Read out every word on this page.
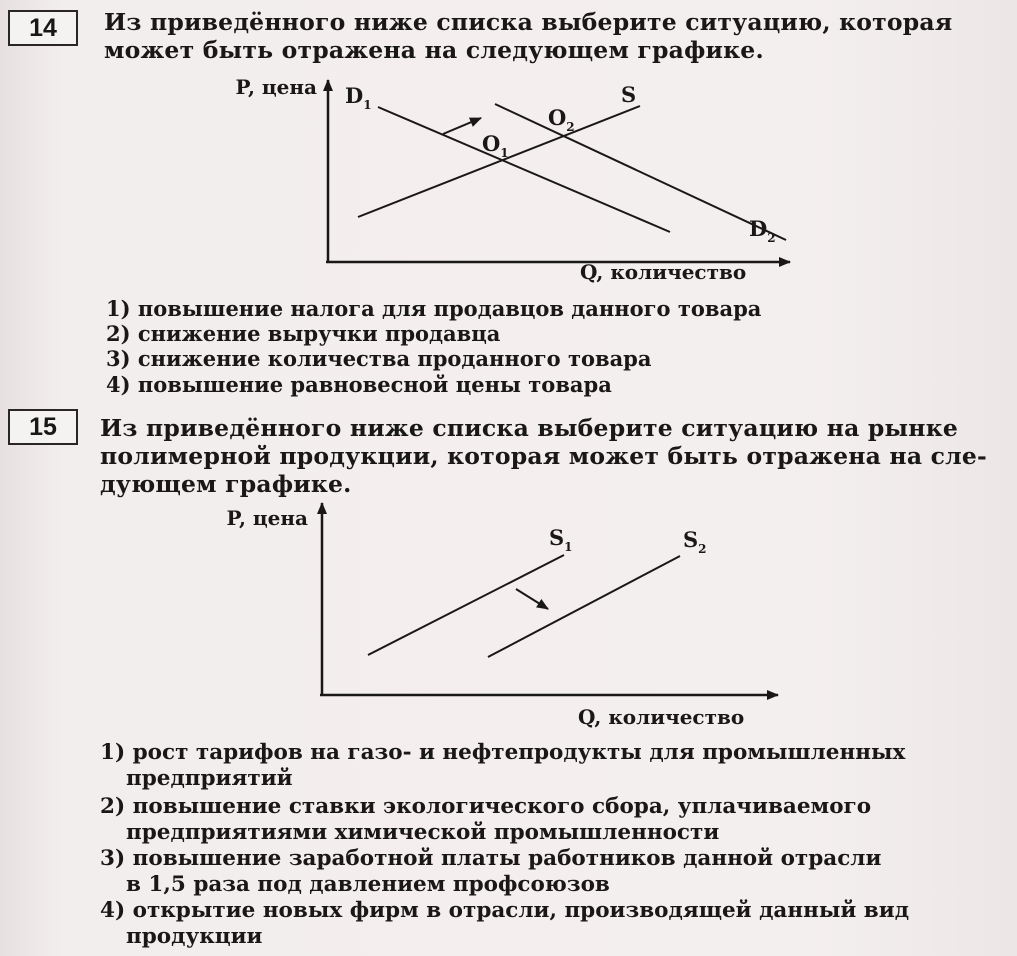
14	Из приведённого ниже списка выберите ситуацию, которая
может быть отражена на следующем графике.
P, цена
Q, количество
$D_1$
$D_2$
S
$O_1$
$O_2$
1) повышение налога для продавцов данного товара
2) снижение выручки продавца
3) снижение количества проданного товара
4) повышение равновесной цены товара
15	Из приведённого ниже списка выберите ситуацию на рынке
полимерной продукции, которая может быть отражена на сле-
дующем графике.
P, цена
Q, количество
$S_1$	$S_2$
1) рост тарифов на газо- и нефтепродукты для промышленных
предприятий
2) повышение ставки экологического сбора, уплачиваемого
предприятиями химической промышленности
3) повышение заработной платы работников данной отрасли
в 1,5 раза под давлением профсоюзов
4) открытие новых фирм в отрасли, производящей данный вид
продукции
